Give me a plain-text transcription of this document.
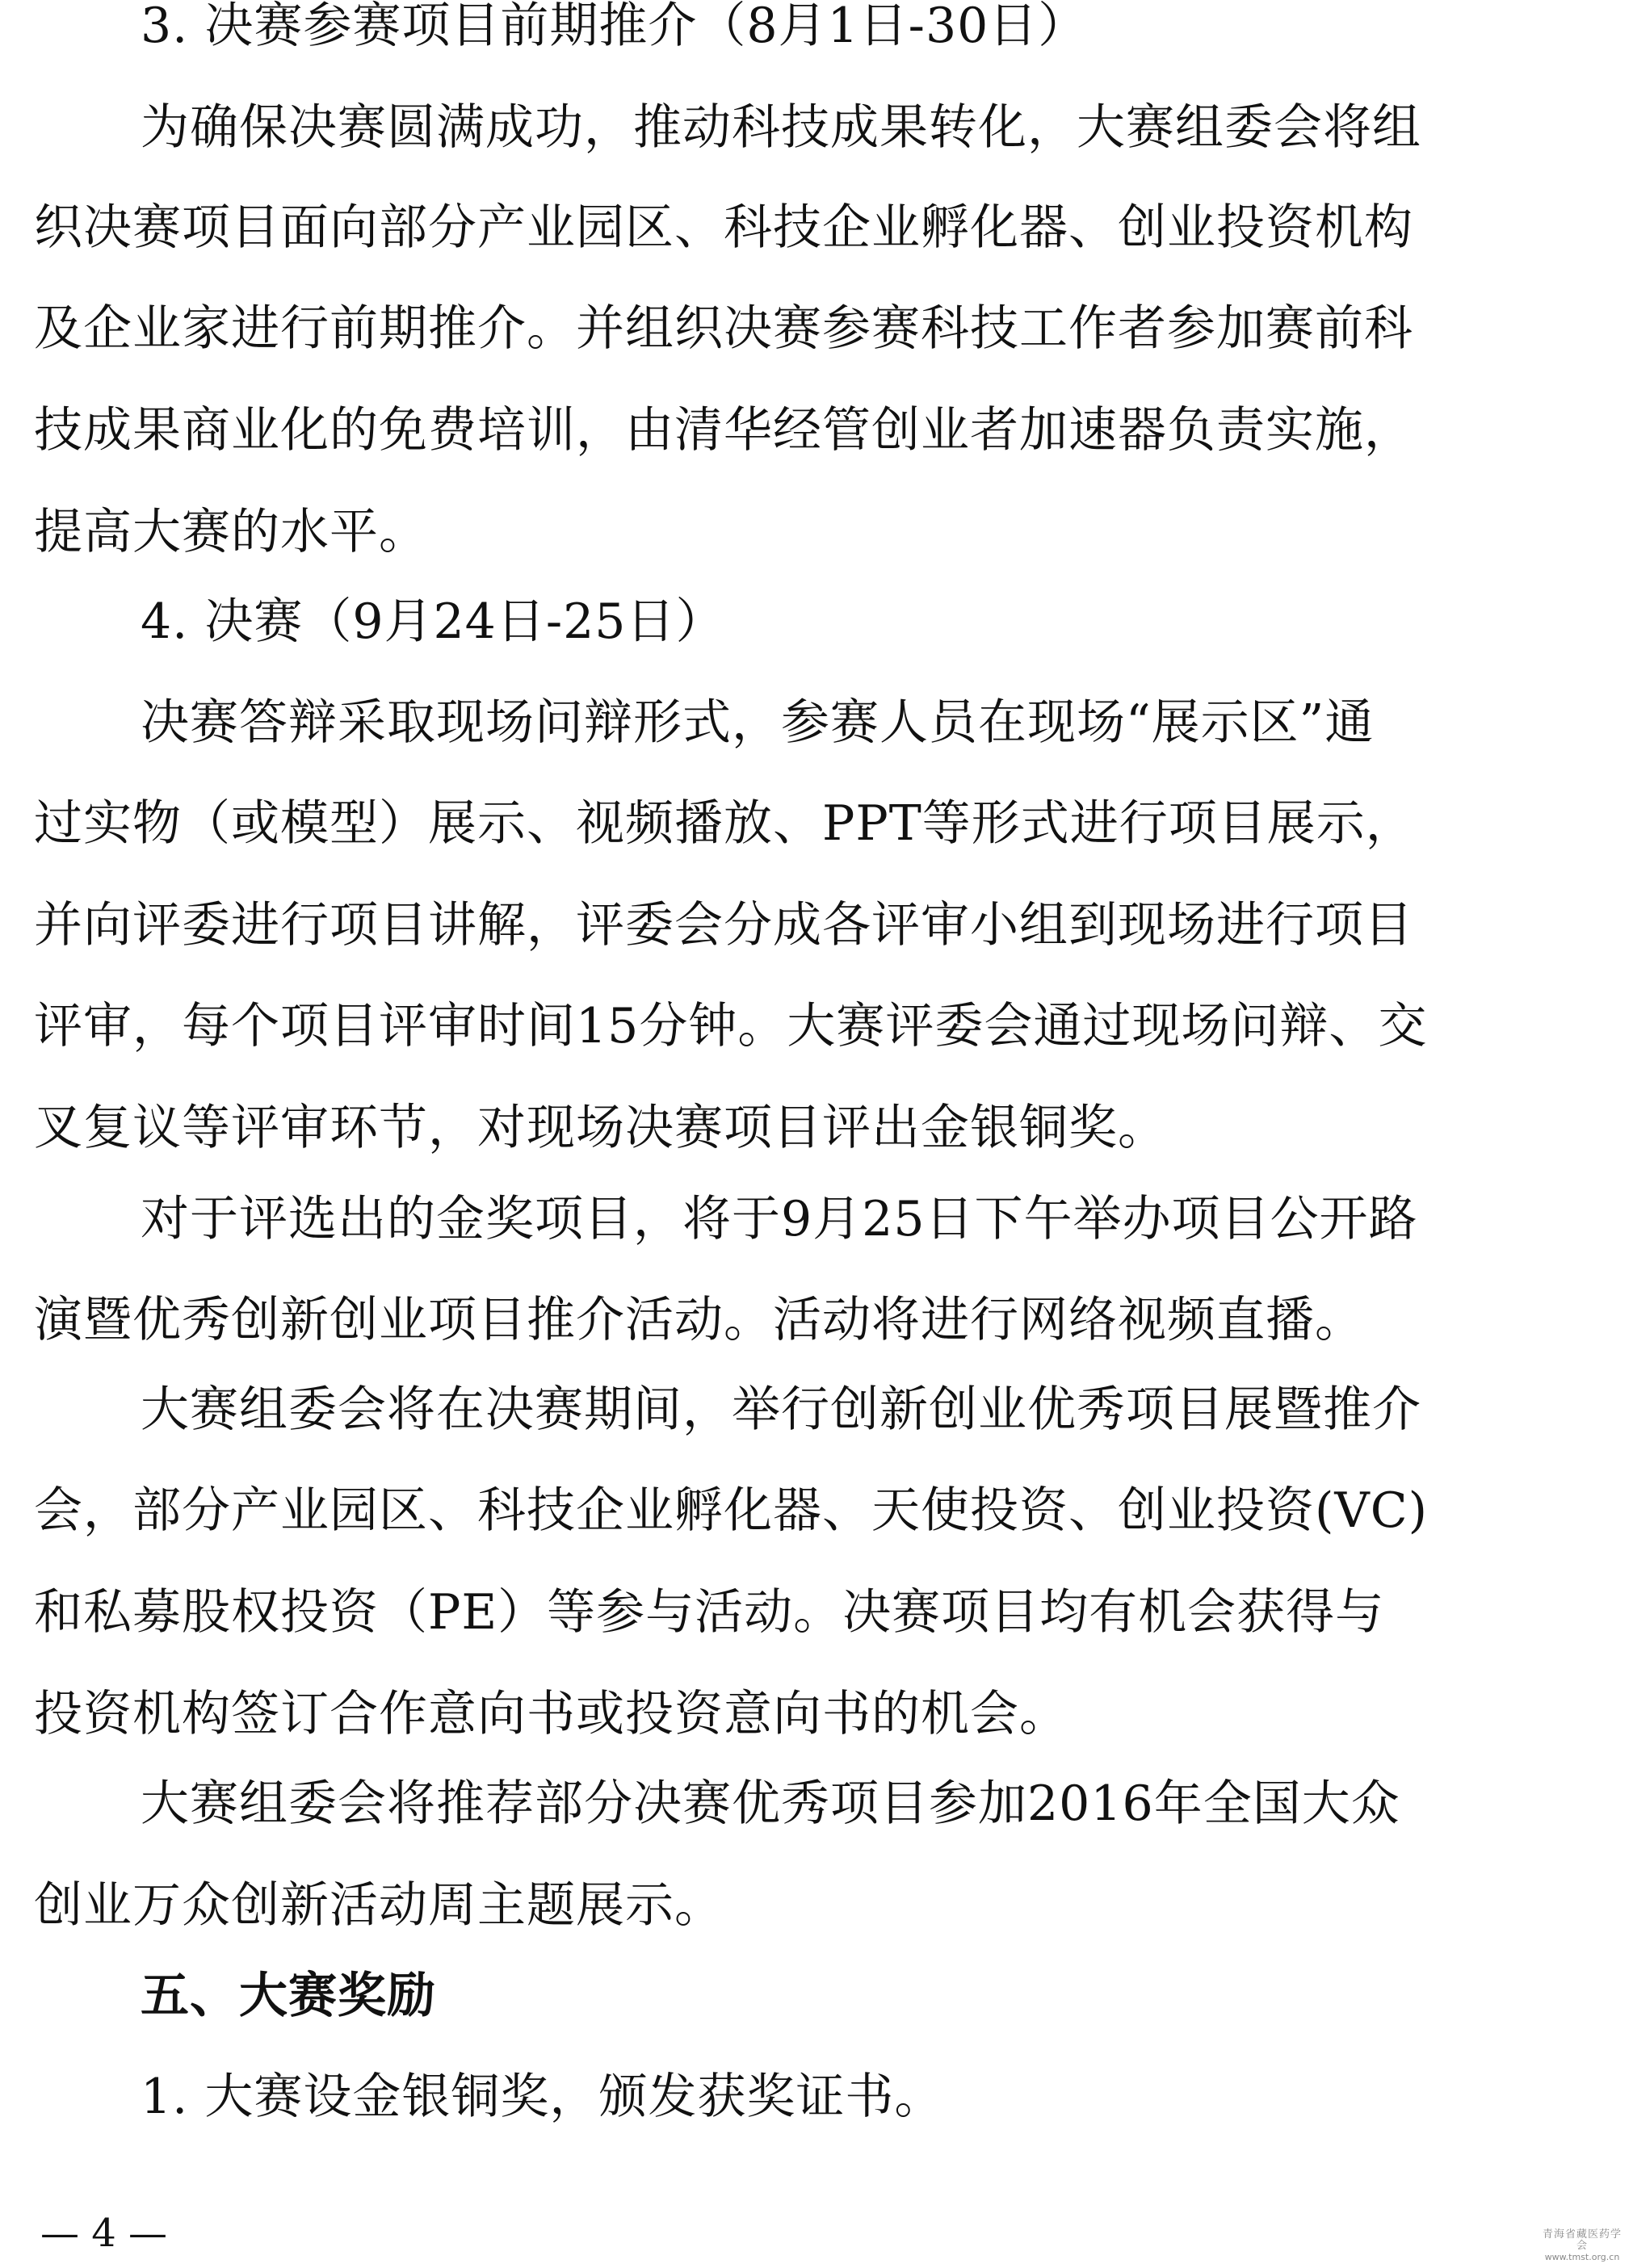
3. 决赛参赛项目前期推介（8月1日-30日）
为确保决赛圆满成功，推动科技成果转化，大赛组委会将组
织决赛项目面向部分产业园区、科技企业孵化器、创业投资机构
及企业家进行前期推介。并组织决赛参赛科技工作者参加赛前科
技成果商业化的免费培训，由清华经管创业者加速器负责实施，
提高大赛的水平。
4. 决赛（9月24日-25日）
决赛答辩采取现场问辩形式，参赛人员在现场“展示区”通
过实物（或模型）展示、视频播放、PPT等形式进行项目展示，
并向评委进行项目讲解，评委会分成各评审小组到现场进行项目
评审，每个项目评审时间15分钟。大赛评委会通过现场问辩、交
叉复议等评审环节，对现场决赛项目评出金银铜奖。
对于评选出的金奖项目，将于9月25日下午举办项目公开路
演暨优秀创新创业项目推介活动。活动将进行网络视频直播。
大赛组委会将在决赛期间，举行创新创业优秀项目展暨推介
会，部分产业园区、科技企业孵化器、天使投资、创业投资(VC)
和私募股权投资（PE）等参与活动。决赛项目均有机会获得与
投资机构签订合作意向书或投资意向书的机会。
大赛组委会将推荐部分决赛优秀项目参加2016年全国大众
创业万众创新活动周主题展示。
五、大赛奖励
1. 大赛设金银铜奖，颁发获奖证书。
— 4 —	青海省藏医药学会
www.tmst.org.cn
